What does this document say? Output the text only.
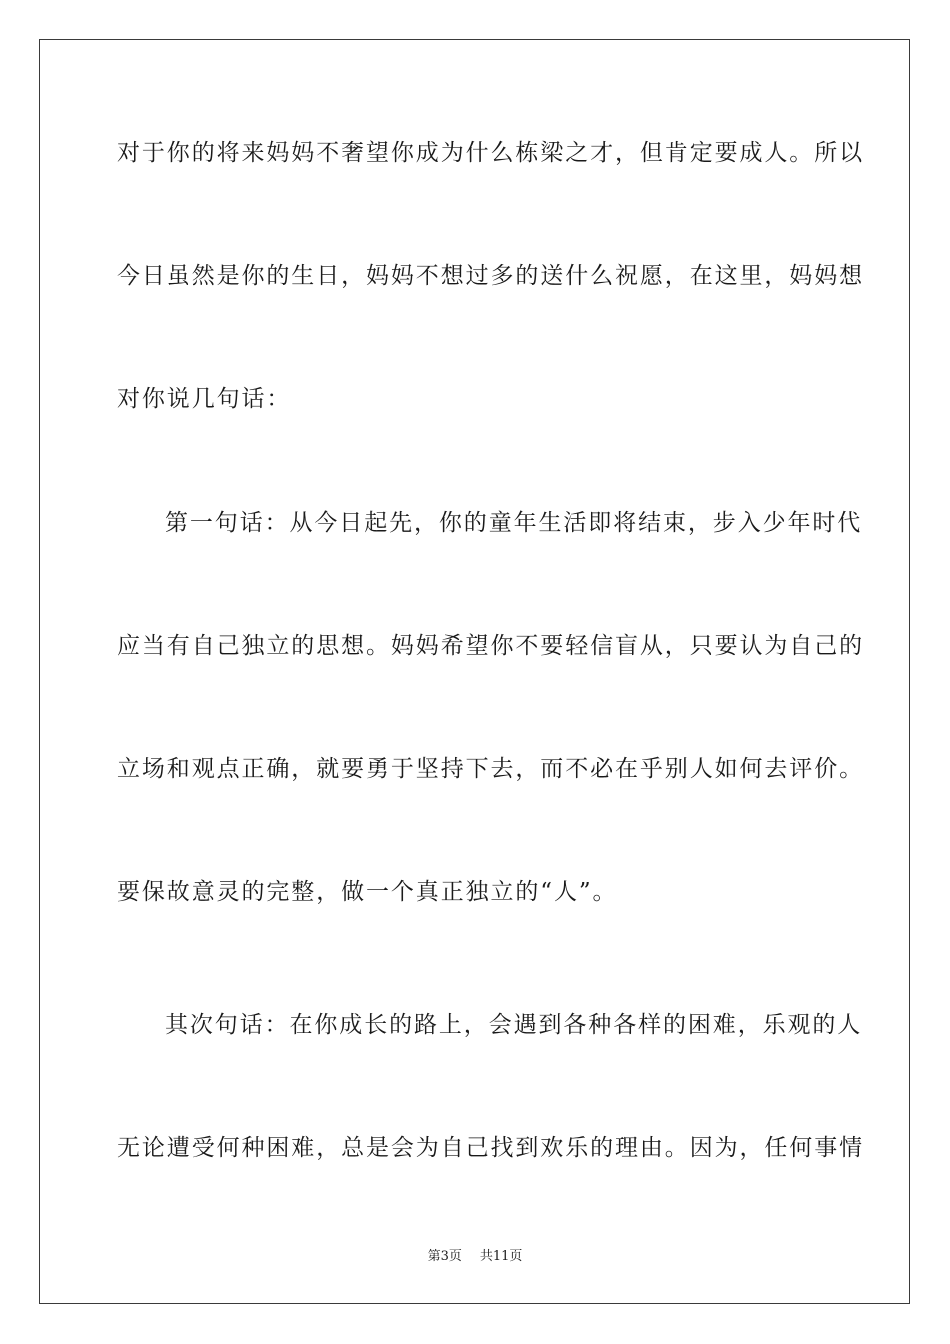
对于你的将来妈妈不奢望你成为什么栋梁之才，但肯定要成人。所以
今日虽然是你的生日，妈妈不想过多的送什么祝愿，在这里，妈妈想
对你说几句话：
第一句话：从今日起先，你的童年生活即将结束，步入少年时代
应当有自己独立的思想。妈妈希望你不要轻信盲从，只要认为自己的
立场和观点正确，就要勇于坚持下去，而不必在乎别人如何去评价。
要保故意灵的完整，做一个真正独立的“人”。
其次句话：在你成长的路上，会遇到各种各样的困难，乐观的人
无论遭受何种困难，总是会为自己找到欢乐的理由。因为，任何事情
第3页 共11页
